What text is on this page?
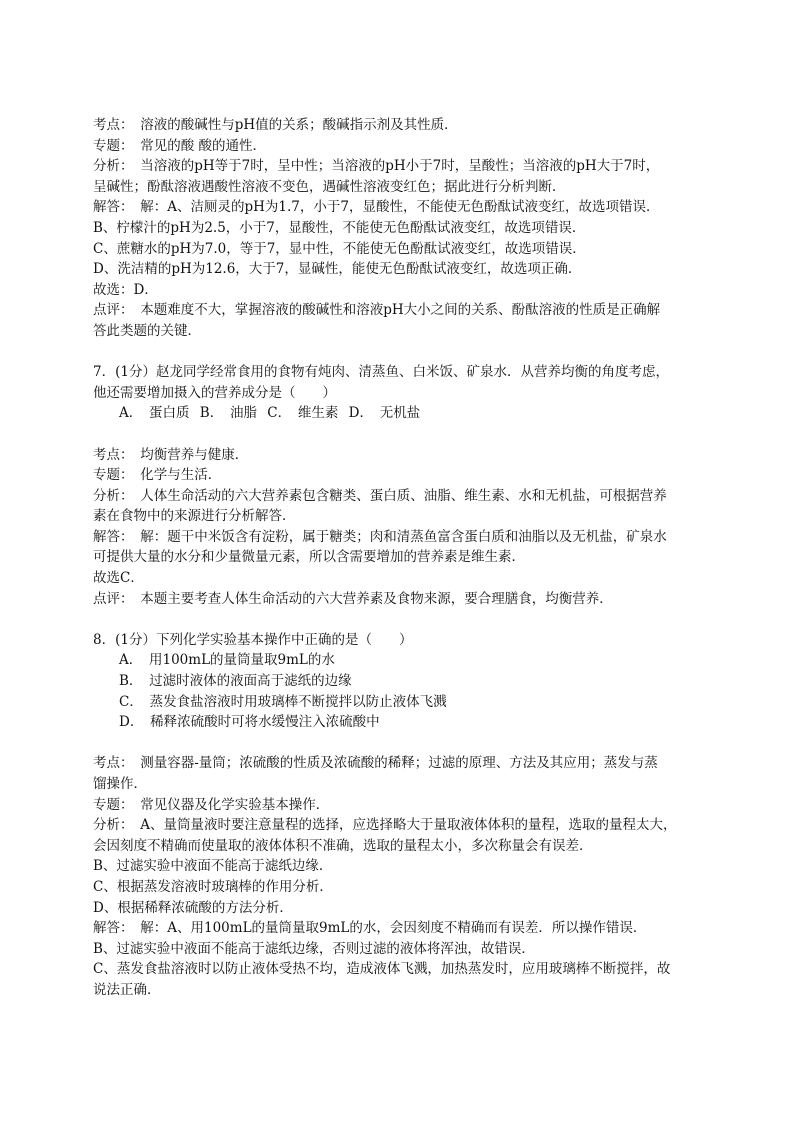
考点：　溶液的酸碱性与pH值的关系；酸碱指示剂及其性质．
专题：　常见的酸 酸的通性．
分析：　当溶液的pH等于7时，呈中性；当溶液的pH小于7时，呈酸性；当溶液的pH大于7时，
呈碱性；酚酞溶液遇酸性溶液不变色，遇碱性溶液变红色；据此进行分析判断．
解答：　解：A、洁厕灵的pH为1.7，小于7，显酸性，不能使无色酚酞试液变红，故选项错误．
B、柠檬汁的pH为2.5，小于7，显酸性，不能使无色酚酞试液变红，故选项错误．
C、蔗糖水的pH为7.0，等于7，显中性，不能使无色酚酞试液变红，故选项错误．
D、洗洁精的pH为12.6，大于7，显碱性，能使无色酚酞试液变红，故选项正确．
故选：D．
点评：　本题难度不大，掌握溶液的酸碱性和溶液pH大小之间的关系、酚酞溶液的性质是正确解
答此类题的关键．
7．(1分）赵龙同学经常食用的食物有炖肉、清蒸鱼、白米饭、矿泉水．从营养均衡的角度考虑，
他还需要增加摄入的营养成分是（　　）
A．　蛋白质 B．　油脂 C．　维生素 D．　无机盐
考点：　均衡营养与健康．
专题：　化学与生活．
分析：　人体生命活动的六大营养素包含糖类、蛋白质、油脂、维生素、水和无机盐，可根据营养
素在食物中的来源进行分析解答．
解答：　解：题干中米饭含有淀粉，属于糖类；肉和清蒸鱼富含蛋白质和油脂以及无机盐，矿泉水
可提供大量的水分和少量微量元素，所以含需要增加的营养素是维生素．
故选C．
点评：　本题主要考查人体生命活动的六大营养素及食物来源，要合理膳食，均衡营养．
8．(1分）下列化学实验基本操作中正确的是（　　）
A．　用100mL的量筒量取9mL的水
B．　过滤时液体的液面高于滤纸的边缘
C．　蒸发食盐溶液时用玻璃棒不断搅拌以防止液体飞溅
D．　稀释浓硫酸时可将水缓慢注入浓硫酸中
考点：　测量容器-量筒；浓硫酸的性质及浓硫酸的稀释；过滤的原理、方法及其应用；蒸发与蒸
馏操作．
专题：　常见仪器及化学实验基本操作．
分析：　A、量筒量液时要注意量程的选择，应选择略大于量取液体体积的量程，选取的量程太大，
会因刻度不精确而使量取的液体体积不准确，选取的量程太小，多次称量会有误差．
B、过滤实验中液面不能高于滤纸边缘．
C、根据蒸发溶液时玻璃棒的作用分析．
D、根据稀释浓硫酸的方法分析．
解答：　解：A、用100mL的量筒量取9mL的水，会因刻度不精确而有误差．所以操作错误．
B、过滤实验中液面不能高于滤纸边缘，否则过滤的液体将浑浊，故错误．
C、蒸发食盐溶液时以防止液体受热不均，造成液体飞溅，加热蒸发时，应用玻璃棒不断搅拌，故
说法正确．
